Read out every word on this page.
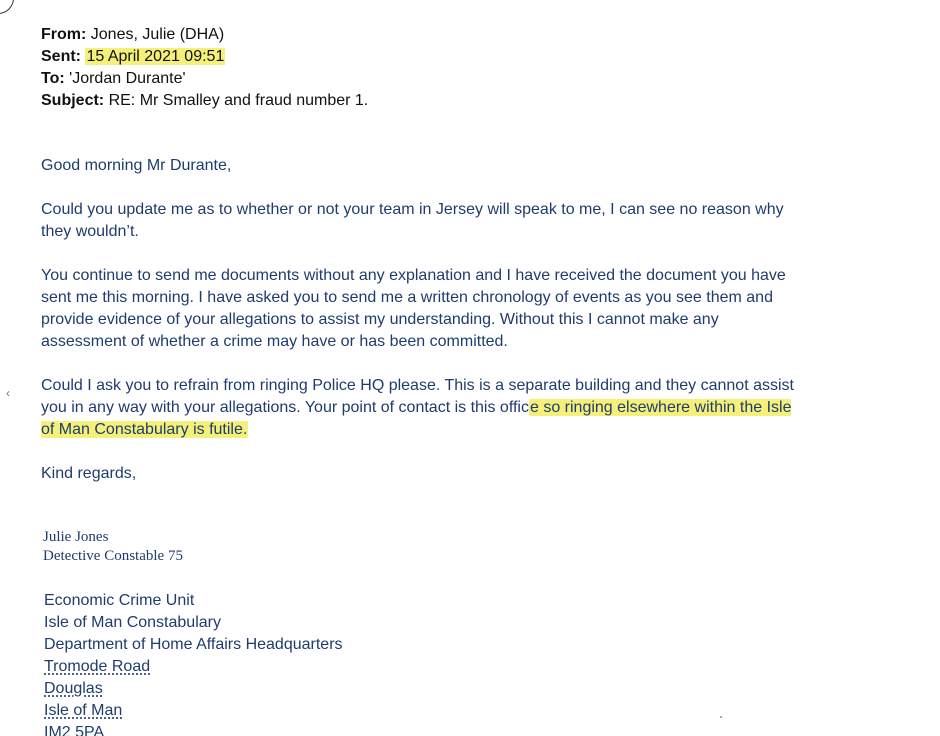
‹
From: Jones, Julie (DHA)
Sent: 15 April 2021 09:51
To: 'Jordan Durante'
Subject: RE: Mr Smalley and fraud number 1.

Good morning Mr Durante,

Could you update me as to whether or not your team in Jersey will speak to me, I can see no reason why they wouldn’t.

You continue to send me documents without any explanation and I have received the document you have sent me this morning. I have asked you to send me a written chronology of events as you see them and provide evidence of your allegations to assist my understanding. Without this I cannot make any assessment of whether a crime may have or has been committed.

Could I ask you to refrain from ringing Police HQ please. This is a separate building and they cannot assist you in any way with your allegations. Your point of contact is this office so ringing elsewhere within the Isle of Man Constabulary is futile.

Kind regards,

Julie Jones
Detective Constable 75
Economic Crime Unit
Isle of Man Constabulary
Department of Home Affairs Headquarters
Tromode Road
Douglas
Isle of Man
IM2 5PA
